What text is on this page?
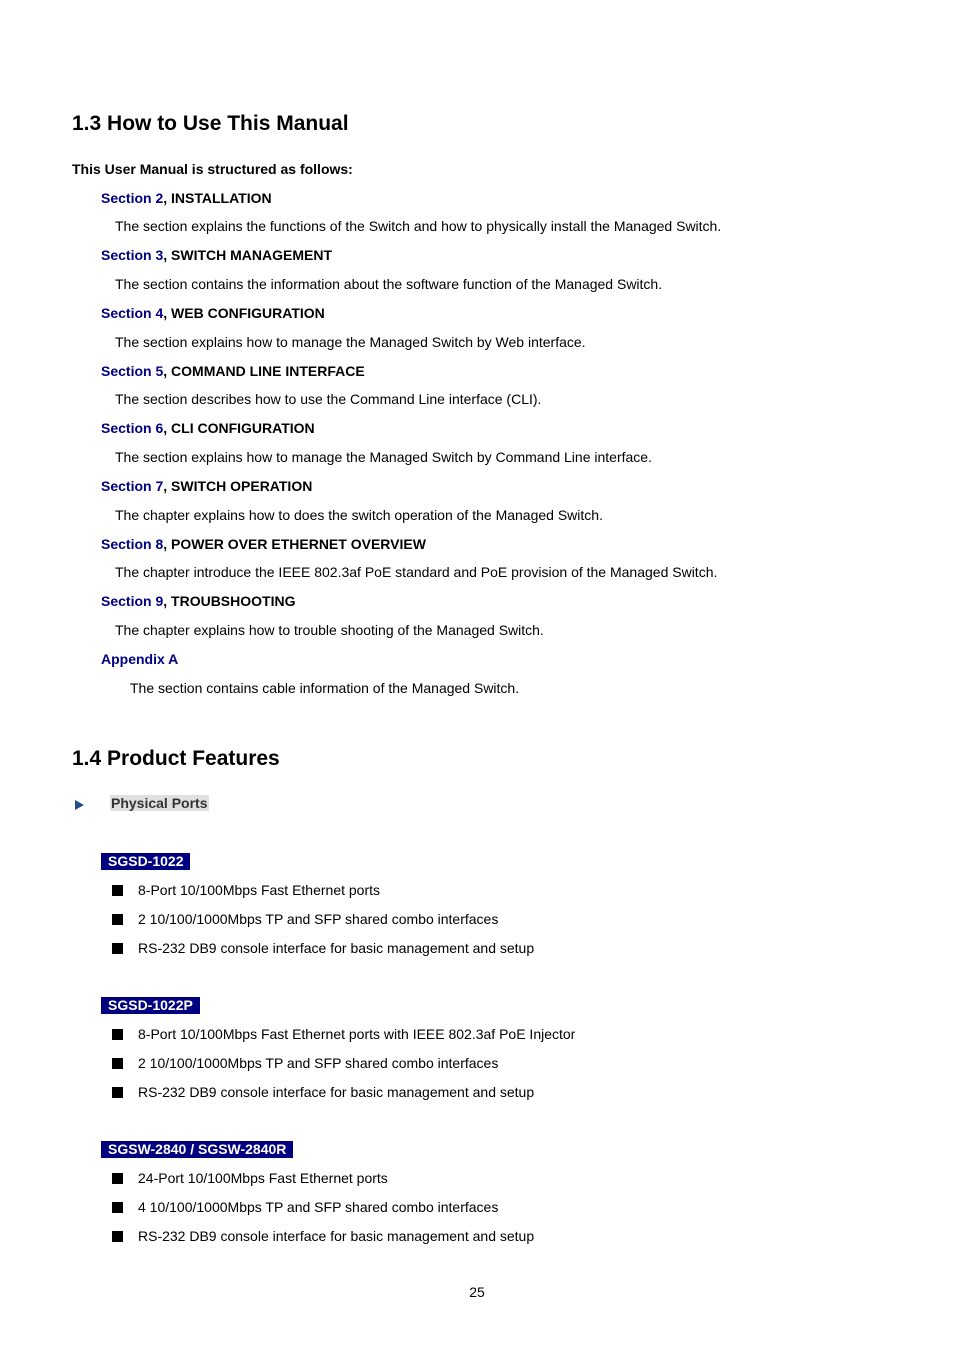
1.3 How to Use This Manual
This User Manual is structured as follows:
Section 2, INSTALLATION
The section explains the functions of the Switch and how to physically install the Managed Switch.
Section 3, SWITCH MANAGEMENT
The section contains the information about the software function of the Managed Switch.
Section 4, WEB CONFIGURATION
The section explains how to manage the Managed Switch by Web interface.
Section 5, COMMAND LINE INTERFACE
The section describes how to use the Command Line interface (CLI).
Section 6, CLI CONFIGURATION
The section explains how to manage the Managed Switch by Command Line interface.
Section 7, SWITCH OPERATION
The chapter explains how to does the switch operation of the Managed Switch.
Section 8, POWER OVER ETHERNET OVERVIEW
The chapter introduce the IEEE 802.3af PoE standard and PoE provision of the Managed Switch.
Section 9, TROUBSHOOTING
The chapter explains how to trouble shooting of the Managed Switch.
Appendix A
The section contains cable information of the Managed Switch.
1.4 Product Features
Physical Ports
SGSD-1022
8-Port 10/100Mbps Fast Ethernet ports
2 10/100/1000Mbps TP and SFP shared combo interfaces
RS-232 DB9 console interface for basic management and setup
SGSD-1022P
8-Port 10/100Mbps Fast Ethernet ports with IEEE 802.3af PoE Injector
2 10/100/1000Mbps TP and SFP shared combo interfaces
RS-232 DB9 console interface for basic management and setup
SGSW-2840 / SGSW-2840R
24-Port 10/100Mbps Fast Ethernet ports
4 10/100/1000Mbps TP and SFP shared combo interfaces
RS-232 DB9 console interface for basic management and setup
25
